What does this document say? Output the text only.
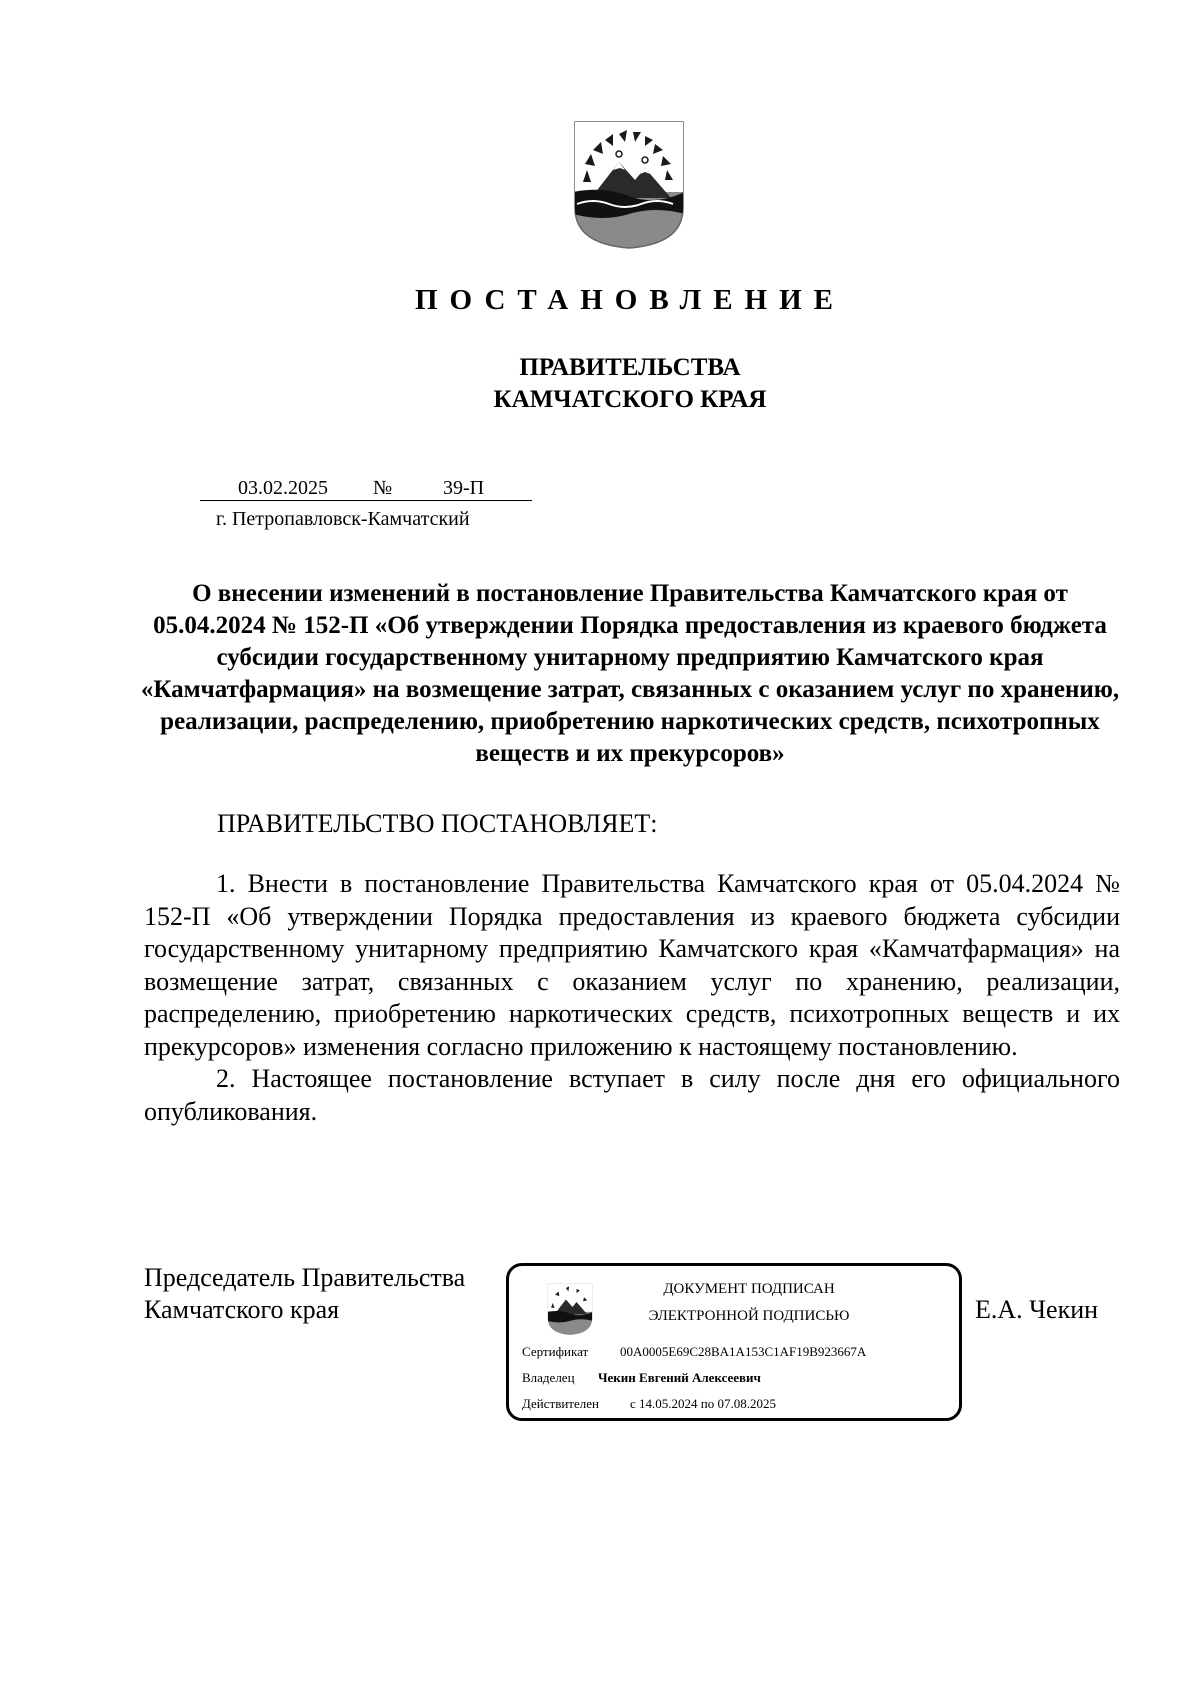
ПОСТАНОВЛЕНИЕ
ПРАВИТЕЛЬСТВА
КАМЧАТСКОГО КРАЯ
03.02.2025 №	39-П
г. Петропавловск-Камчатский
О внесении изменений в постановление Правительства Камчатского края от 05.04.2024 № 152-П «Об утверждении Порядка предоставления из краевого бюджета субсидии государственному унитарному предприятию Камчатского края «Камчатфармация» на возмещение затрат, связанных с оказанием услуг по хранению, реализации, распределению, приобретению наркотических средств, психотропных веществ и их прекурсоров»
ПРАВИТЕЛЬСТВО ПОСТАНОВЛЯЕТ:

1. Внести в постановление Правительства Камчатского края от 05.04.2024 № 152-П «Об утверждении Порядка предоставления из краевого бюджета субсидии государственному унитарному предприятию Камчатского края «Камчатфармация» на возмещение затрат, связанных с оказанием услуг по хранению, реализации, распределению, приобретению наркотических средств, психотропных веществ и их прекурсоров» изменения согласно приложению к настоящему постановлению.

2. Настоящее постановление вступает в силу после дня его официального опубликования.

Председатель Правительства
Камчатского края
ДОКУМЕНТ ПОДПИСАН
ЭЛЕКТРОННОЙ ПОДПИСЬЮ
Сертификат 00A0005E69C28BA1A153C1AF19B923667A
Владелец Чекин Евгений Алексеевич
Действителен с 14.05.2024 по 07.08.2025
Е.А. Чекин
